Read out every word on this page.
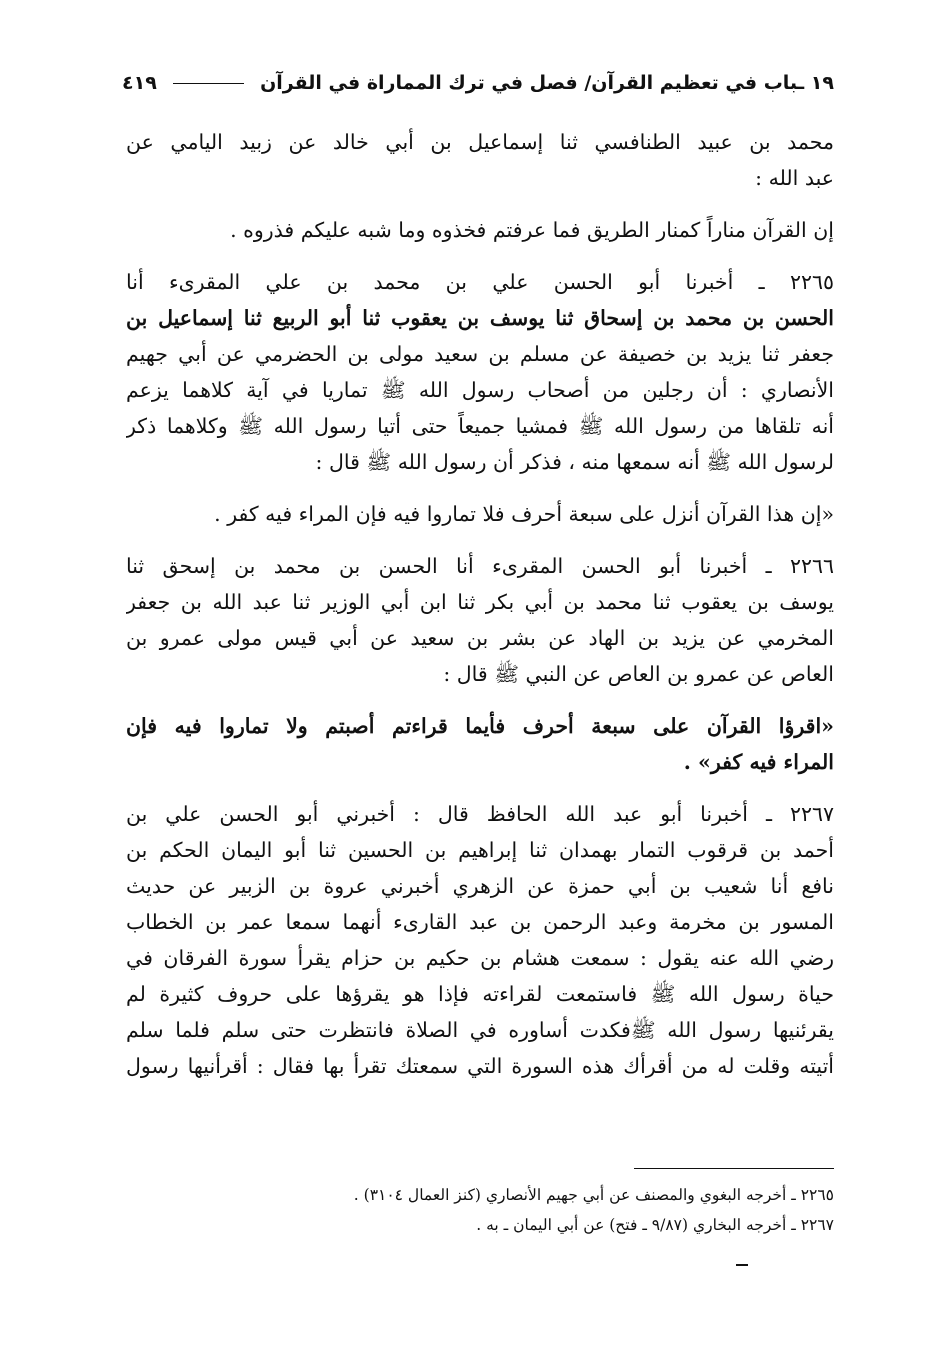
١٩ ـباب في تعظيم القرآن/ فصل في ترك المماراة في القرآن
٤١٩
محمد بن عبيد الطنافسي ثنا إسماعيل بن أبي خالد عن زبيد اليامي عن
عبد الله :
إن القرآن مناراً كمنار الطريق فما عرفتم فخذوه وما شبه عليكم فذروه .
٢٢٦٥ ـ أخبرنا أبو الحسن علي بن محمد بن علي المقرىء أنا
الحسن بن محمد بن إسحاق ثنا يوسف بن يعقوب ثنا أبو الربيع ثنا إسماعيل بن
جعفر ثنا يزيد بن خصيفة عن مسلم بن سعيد مولى بن الحضرمي عن أبي جهيم
الأنصاري : أن رجلين من أصحاب رسول الله ﷺ تماريا في آية كلاهما يزعم
أنه تلقاها من رسول الله ﷺ فمشيا جميعاً حتى أتيا رسول الله ﷺ وكلاهما ذكر
لرسول الله ﷺ أنه سمعها منه ، فذكر أن رسول الله ﷺ قال :
«إن هذا القرآن أنزل على سبعة أحرف فلا تماروا فيه فإن المراء فيه كفر .
٢٢٦٦ ـ أخبرنا أبو الحسن المقرىء أنا الحسن بن محمد بن إسحق ثنا
يوسف بن يعقوب ثنا محمد بن أبي بكر ثنا ابن أبي الوزير ثنا عبد الله بن جعفر
المخرمي عن يزيد بن الهاد عن بشر بن سعيد عن أبي قيس مولى عمرو بن
العاص عن عمرو بن العاص عن النبي ﷺ قال :
«اقرؤا القرآن على سبعة أحرف فأيما قراءتم أصبتم ولا تماروا فيه فإن
المراء فيه كفر» .
٢٢٦٧ ـ أخبرنا أبو عبد الله الحافظ قال : أخبرني أبو الحسن علي بن
أحمد بن قرقوب التمار بهمدان ثنا إبراهيم بن الحسين ثنا أبو اليمان الحكم بن
نافع أنا شعيب بن أبي حمزة عن الزهري أخبرني عروة بن الزبير عن حديث
المسور بن مخرمة وعبد الرحمن بن عبد القارىء أنهما سمعا عمر بن الخطاب
رضي الله عنه يقول : سمعت هشام بن حكيم بن حزام يقرأ سورة الفرقان في
حياة رسول الله ﷺ فاستمعت لقراءته فإذا هو يقرؤها على حروف كثيرة لم
يقرئنيها رسول الله ﷺفكدت أساوره في الصلاة فانتظرت حتى سلم فلما سلم
أتيته وقلت له من أقرأك هذه السورة التي سمعتك تقرأ بها فقال : أقرأنيها رسول
٢٢٦٥ ـ أخرجه البغوي والمصنف عن أبي جهيم الأنصاري (كنز العمال ٣١٠٤) .
٢٢٦٧ ـ أخرجه البخاري (٩/٨٧ ـ فتح) عن أبي اليمان ـ به .
